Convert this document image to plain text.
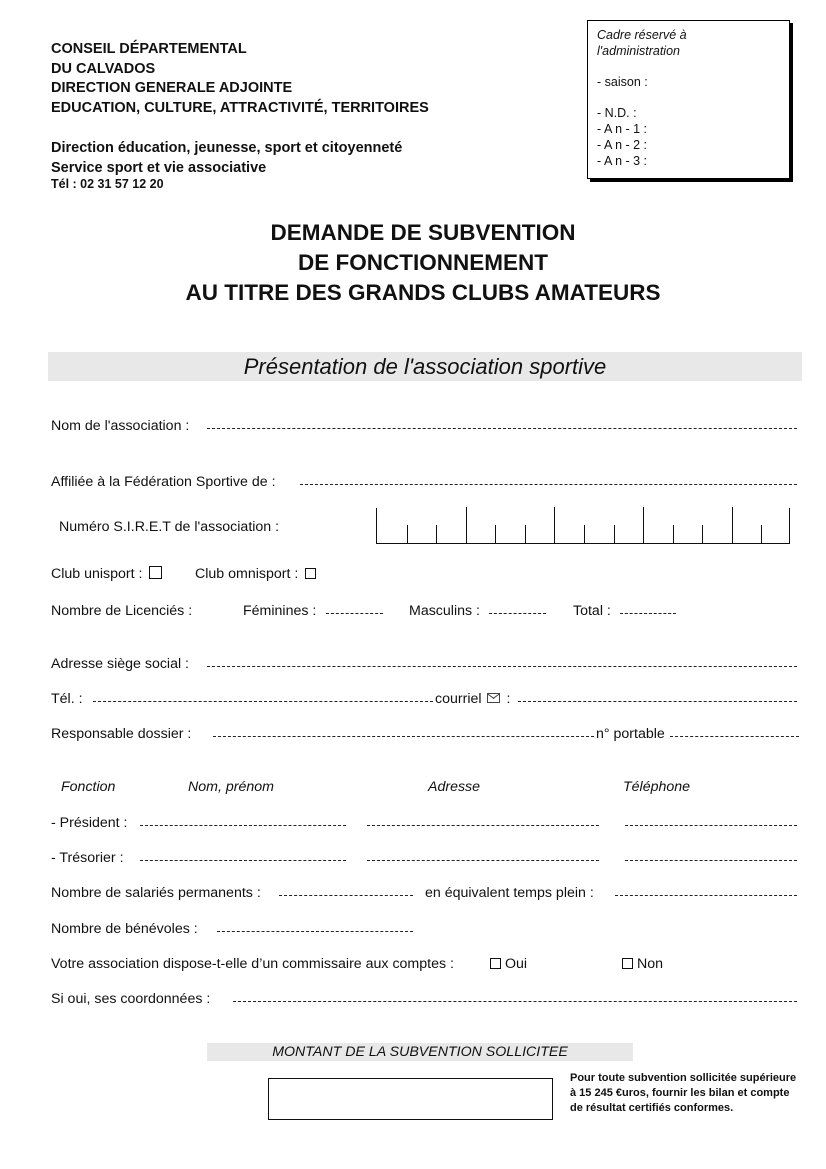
CONSEIL DÉPARTEMENTAL
DU CALVADOS
DIRECTION GENERALE ADJOINTE
EDUCATION, CULTURE, ATTRACTIVITÉ, TERRITOIRES
Direction éducation, jeunesse, sport et citoyenneté
Service sport et vie associative
Tél : 02 31 57 12 20
Cadre réservé à
l'administration
- saison :
- N.D. :
- A n - 1 :
- A n - 2 :
- A n - 3 :
DEMANDE DE SUBVENTION
DE FONCTIONNEMENT
AU TITRE DES GRANDS CLUBS AMATEURS
Présentation de l'association sportive
Nom de l'association :
Affiliée à la Fédération Sportive de :
Numéro S.I.R.E.T de l'association :
Club unisport :	Club omnisport :
Nombre de Licenciés :	Féminines :	Masculins :	Total :
Adresse siège social :
Tél. :	courriel :
Responsable dossier :	n° portable
Fonction	Nom, prénom	Adresse	Téléphone
- Président :
- Trésorier :
Nombre de salariés permanents :	en équivalent temps plein :
Nombre de bénévoles :
Votre association dispose-t-elle d’un commissaire aux comptes :	Oui	Non
Si oui, ses coordonnées :
MONTANT DE LA SUBVENTION SOLLICITEE
Pour toute subvention sollicitée supérieure à 15 245 €uros, fournir les bilan et compte de résultat certifiés conformes.
